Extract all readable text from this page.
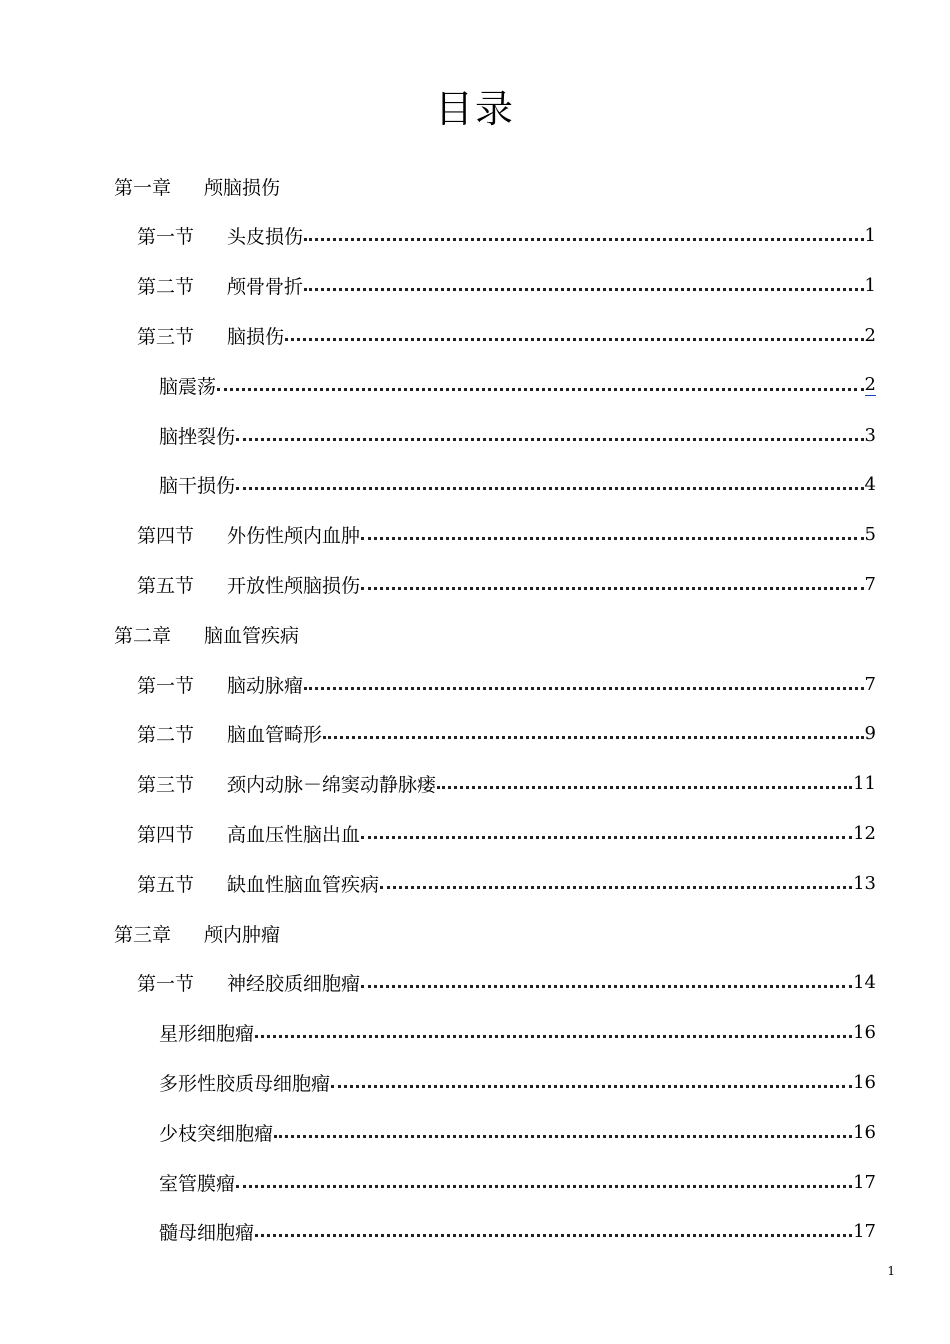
目录
第一章 颅脑损伤
第一节 头皮损伤	1
第二节 颅骨骨折	1
第三节 脑损伤	2
脑震荡	2
脑挫裂伤	3
脑干损伤	4
第四节 外伤性颅内血肿	5
第五节 开放性颅脑损伤	7
第二章 脑血管疾病
第一节 脑动脉瘤	7
第二节 脑血管畸形	9
第三节 颈内动脉－绵窦动静脉瘘	11
第四节 高血压性脑出血	12
第五节 缺血性脑血管疾病	13
第三章 颅内肿瘤
第一节 神经胶质细胞瘤	14
星形细胞瘤	16
多形性胶质母细胞瘤	16
少枝突细胞瘤	16
室管膜瘤	17
髓母细胞瘤	17
1
